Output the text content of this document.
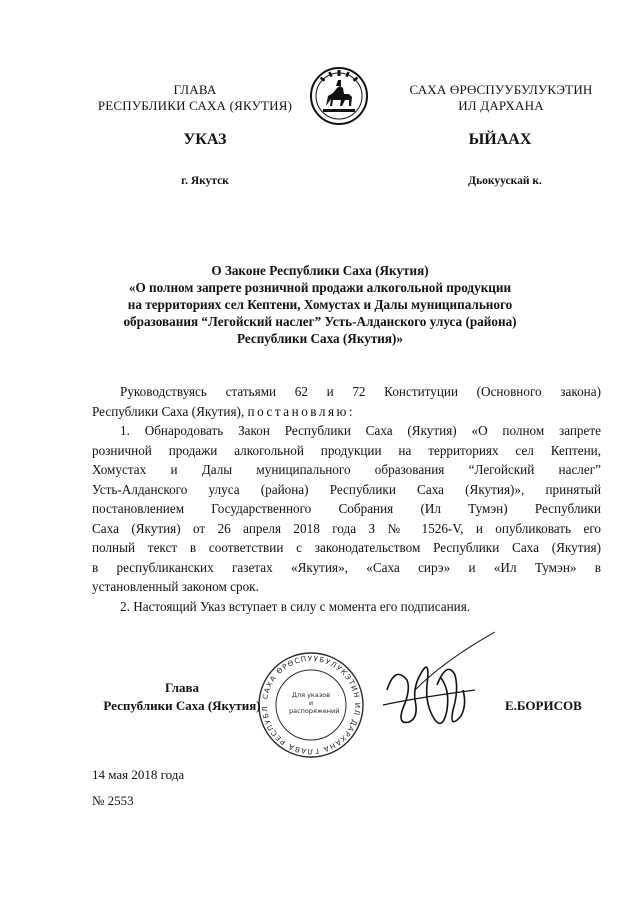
ГЛАВА
РЕСПУБЛИКИ САХА (ЯКУТИЯ)
САХА ӨРӨСПУУБУЛУКЭТИН
ИЛ ДАРХАНА
УКАЗ	ЫЙААХ
г. Якутск	Дьокуускай к.
О Законе Республики Саха (Якутия)
«О полном запрете розничной продажи алкогольной продукции
на территориях сел Кептени, Хомустах и Далы муниципального
образования “Легойский наслег” Усть-Алданского улуса (района)
Республики Саха (Якутия)»
Руководствуясь статьями 62 и 72 Конституции (Основного закона)
Республики Саха (Якутия), постановляю:
1. Обнародовать Закон Республики Саха (Якутия) «О полном запрете
розничной продажи алкогольной продукции на территориях сел Кептени,
Хомустах и Далы муниципального образования “Легойский наслег”
Усть-Алданского улуса (района) Республики Саха (Якутия)», принятый
постановлением Государственного Собрания (Ил Тумэн) Республики
Саха (Якутия) от 26 апреля 2018 года З № 1526-V, и опубликовать его
полный текст в соответствии с законодательством Республики Саха (Якутия)
в республиканских газетах «Якутия», «Саха сирэ» и «Ил Тумэн» в
установленный законом срок.
2. Настоящий Указ вступает в силу с момента его подписания.
САХА ӨРӨСПУУБУЛУКЭТИН ИЛ ДАРХАНА ГЛАВА РЕСПУБЛ
Для указов и распоряжений
Глава
Республики Саха (Якутия)	Е.БОРИСОВ
14 мая 2018 года
№ 2553
